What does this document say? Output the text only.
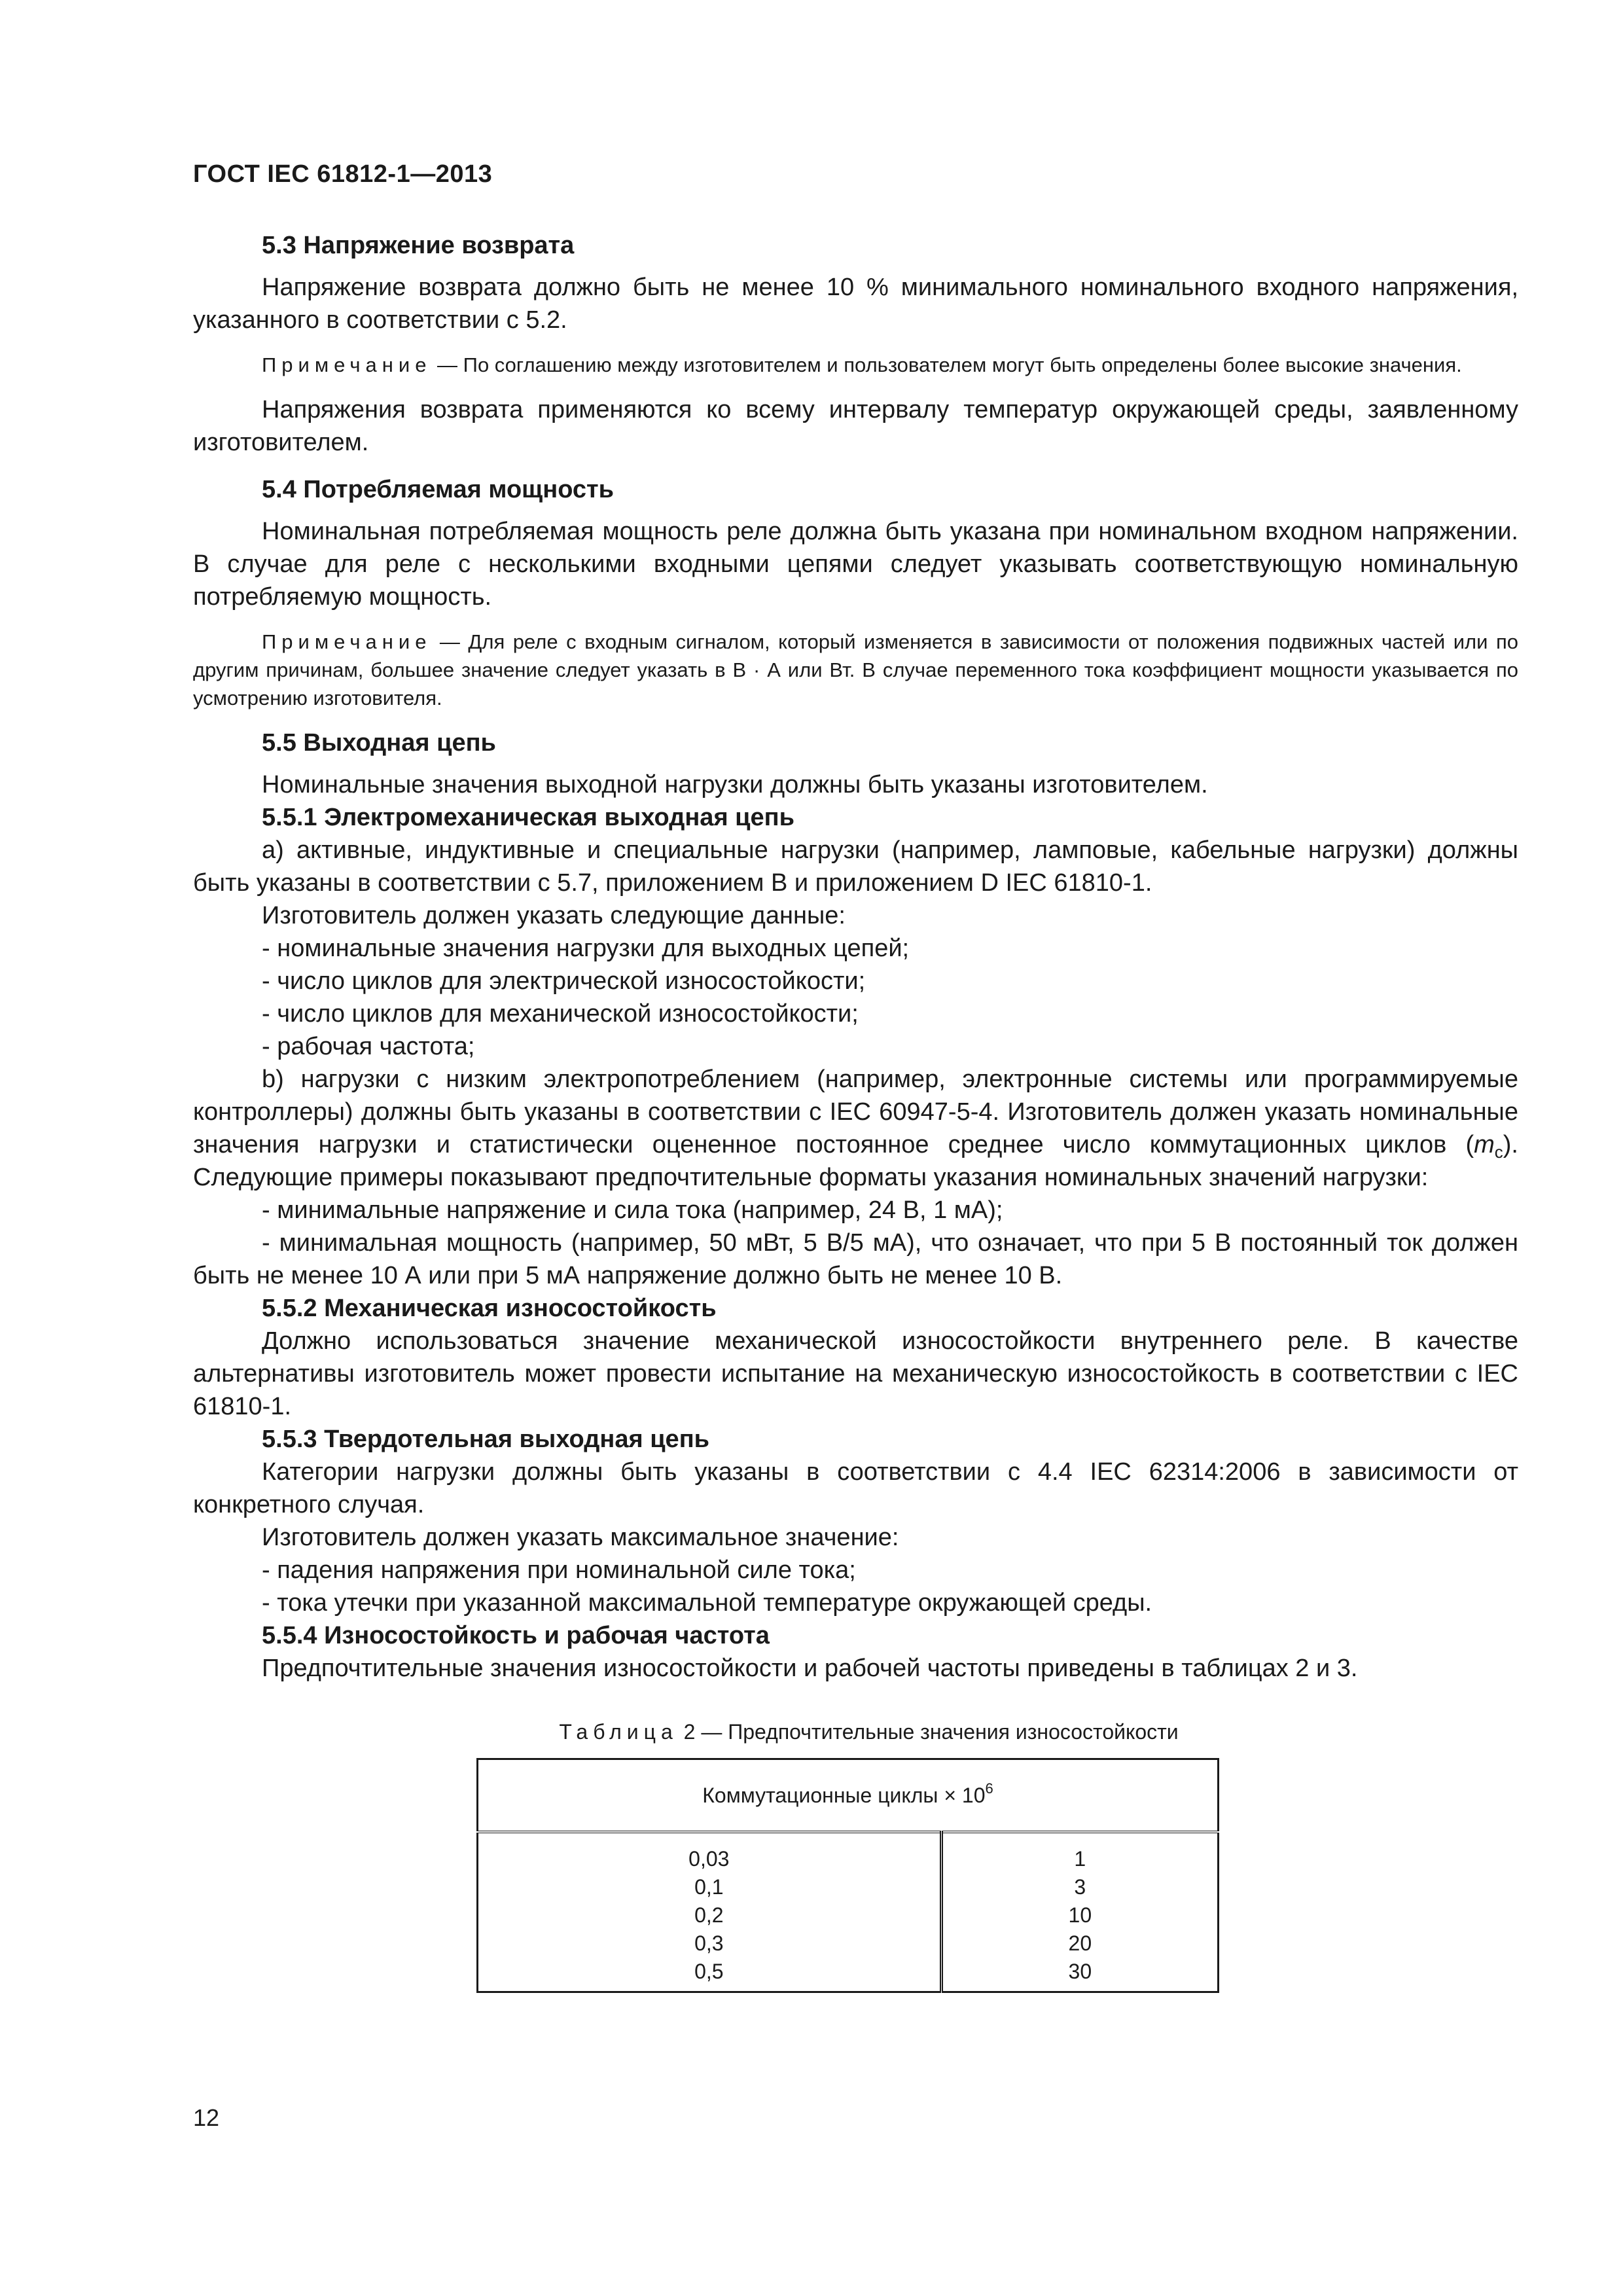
ГОСТ IEC 61812-1—2013

5.3 Напряжение возврата

Напряжение возврата должно быть не менее 10 % минимального номинального входного напряжения, указанного в соответствии с 5.2.

Примечание — По соглашению между изготовителем и пользователем могут быть определены более высокие значения.

Напряжения возврата применяются ко всему интервалу температур окружающей среды, заявленному изготовителем.

5.4 Потребляемая мощность

Номинальная потребляемая мощность реле должна быть указана при номинальном входном напряжении. В случае для реле с несколькими входными цепями следует указывать соответствующую номинальную потребляемую мощность.

Примечание — Для реле с входным сигналом, который изменяется в зависимости от положения подвижных частей или по другим причинам, большее значение следует указать в В · А или Вт. В случае переменного тока коэффициент мощности указывается по усмотрению изготовителя.

5.5 Выходная цепь

Номинальные значения выходной нагрузки должны быть указаны изготовителем.

5.5.1 Электромеханическая выходная цепь

a) активные, индуктивные и специальные нагрузки (например, ламповые, кабельные нагрузки) должны быть указаны в соответствии с 5.7, приложением В и приложением D IEC 61810-1.

Изготовитель должен указать следующие данные:

- номинальные значения нагрузки для выходных цепей;

- число циклов для электрической износостойкости;

- число циклов для механической износостойкости;

- рабочая частота;

b) нагрузки с низким электропотреблением (например, электронные системы или программируемые контроллеры) должны быть указаны в соответствии с IEC 60947-5-4. Изготовитель должен указать номинальные значения нагрузки и статистически оцененное постоянное среднее число коммутационных циклов $(m_c)$. Следующие примеры показывают предпочтительные форматы указания номинальных значений нагрузки:

- минимальные напряжение и сила тока (например, 24 В, 1 мА);

- минимальная мощность (например, 50 мВт, 5 В/5 мА), что означает, что при 5 В постоянный ток должен быть не менее 10 А или при 5 мА напряжение должно быть не менее 10 В.

5.5.2 Механическая износостойкость

Должно использоваться значение механической износостойкости внутреннего реле. В качестве альтернативы изготовитель может провести испытание на механическую износостойкость в соответствии с IEC 61810-1.

5.5.3 Твердотельная выходная цепь

Категории нагрузки должны быть указаны в соответствии с 4.4 IEC 62314:2006 в зависимости от конкретного случая.

Изготовитель должен указать максимальное значение:

- падения напряжения при номинальной силе тока;

- тока утечки при указанной максимальной температуре окружающей среды.

5.5.4 Износостойкость и рабочая частота

Предпочтительные значения износостойкости и рабочей частоты приведены в таблицах 2 и 3.

Таблица 2 — Предпочтительные значения износостойкости

Коммутационные циклы × $10^6$
0,03	1
0,1	3
0,2	10
0,3	20
0,5	30
12
